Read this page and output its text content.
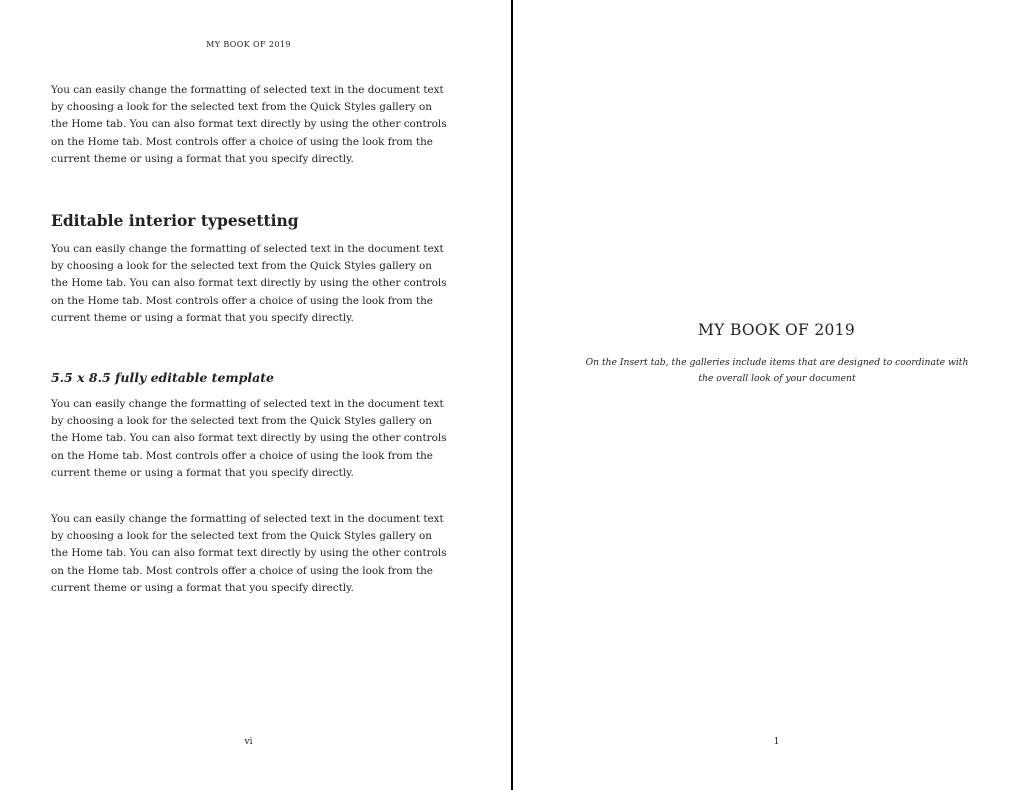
MY BOOK OF 2019

You can easily change the formatting of selected text in the document text by choosing a look for the selected text from the Quick Styles gallery on the Home tab. You can also format text directly by using the other controls on the Home tab. Most controls offer a choice of using the look from the current theme or using a format that you specify directly.

Editable interior typesetting

You can easily change the formatting of selected text in the document text by choosing a look for the selected text from the Quick Styles gallery on the Home tab. You can also format text directly by using the other controls on the Home tab. Most controls offer a choice of using the look from the current theme or using a format that you specify directly.

5.5 x 8.5 fully editable template

You can easily change the formatting of selected text in the document text by choosing a look for the selected text from the Quick Styles gallery on the Home tab. You can also format text directly by using the other controls on the Home tab. Most controls offer a choice of using the look from the current theme or using a format that you specify directly.

You can easily change the formatting of selected text in the document text by choosing a look for the selected text from the Quick Styles gallery on the Home tab. You can also format text directly by using the other controls on the Home tab. Most controls offer a choice of using the look from the current theme or using a format that you specify directly.

vi
MY BOOK OF 2019
On the Insert tab, the galleries include items that are designed to coordinate with the overall look of your document
1
